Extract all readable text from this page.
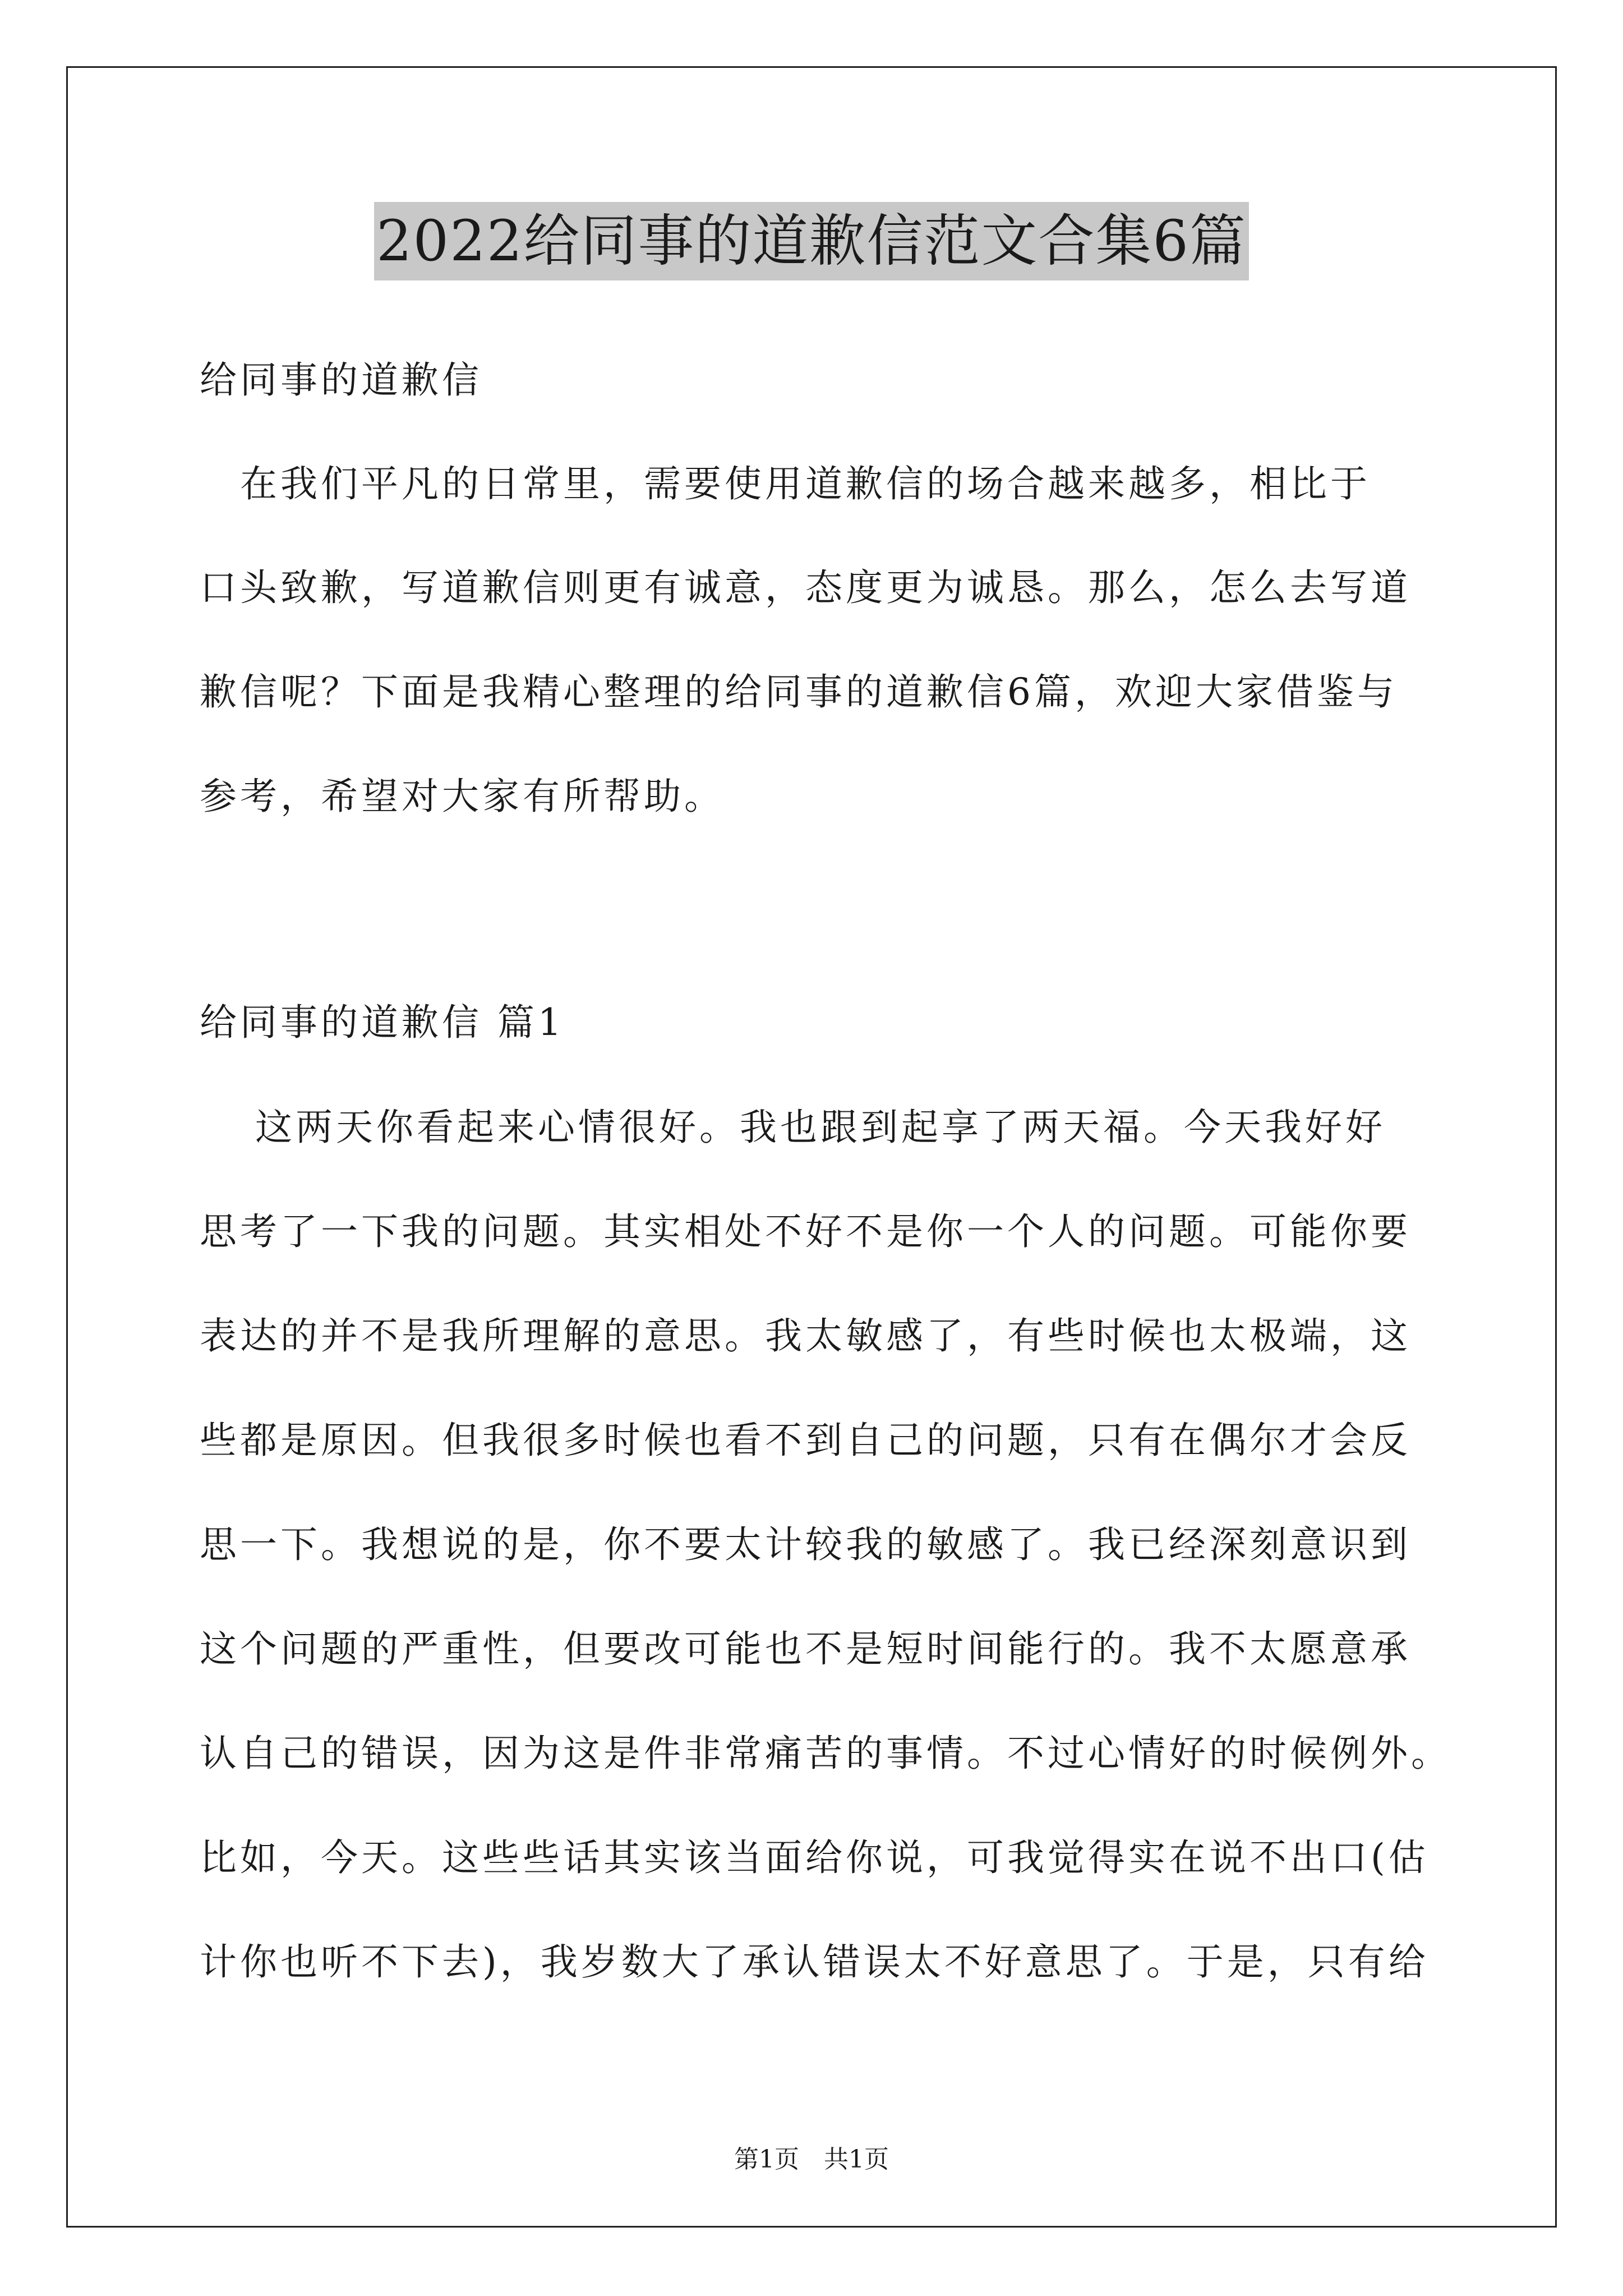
2022给同事的道歉信范文合集6篇

给同事的道歉信

　在我们平凡的日常里，需要使用道歉信的场合越来越多，相比于

口头致歉，写道歉信则更有诚意，态度更为诚恳。那么，怎么去写道

歉信呢？下面是我精心整理的给同事的道歉信6篇，欢迎大家借鉴与

参考，希望对大家有所帮助。

给同事的道歉信 篇1

　 这两天你看起来心情很好。我也跟到起享了两天福。今天我好好

思考了一下我的问题。其实相处不好不是你一个人的问题。可能你要

表达的并不是我所理解的意思。我太敏感了，有些时候也太极端，这

些都是原因。但我很多时候也看不到自己的问题，只有在偶尔才会反

思一下。我想说的是，你不要太计较我的敏感了。我已经深刻意识到

这个问题的严重性，但要改可能也不是短时间能行的。我不太愿意承

认自己的错误，因为这是件非常痛苦的事情。不过心情好的时候例外。

比如，今天。这些些话其实该当面给你说，可我觉得实在说不出口(估

计你也听不下去)，我岁数大了承认错误太不好意思了。于是，只有给

第1页　共1页
